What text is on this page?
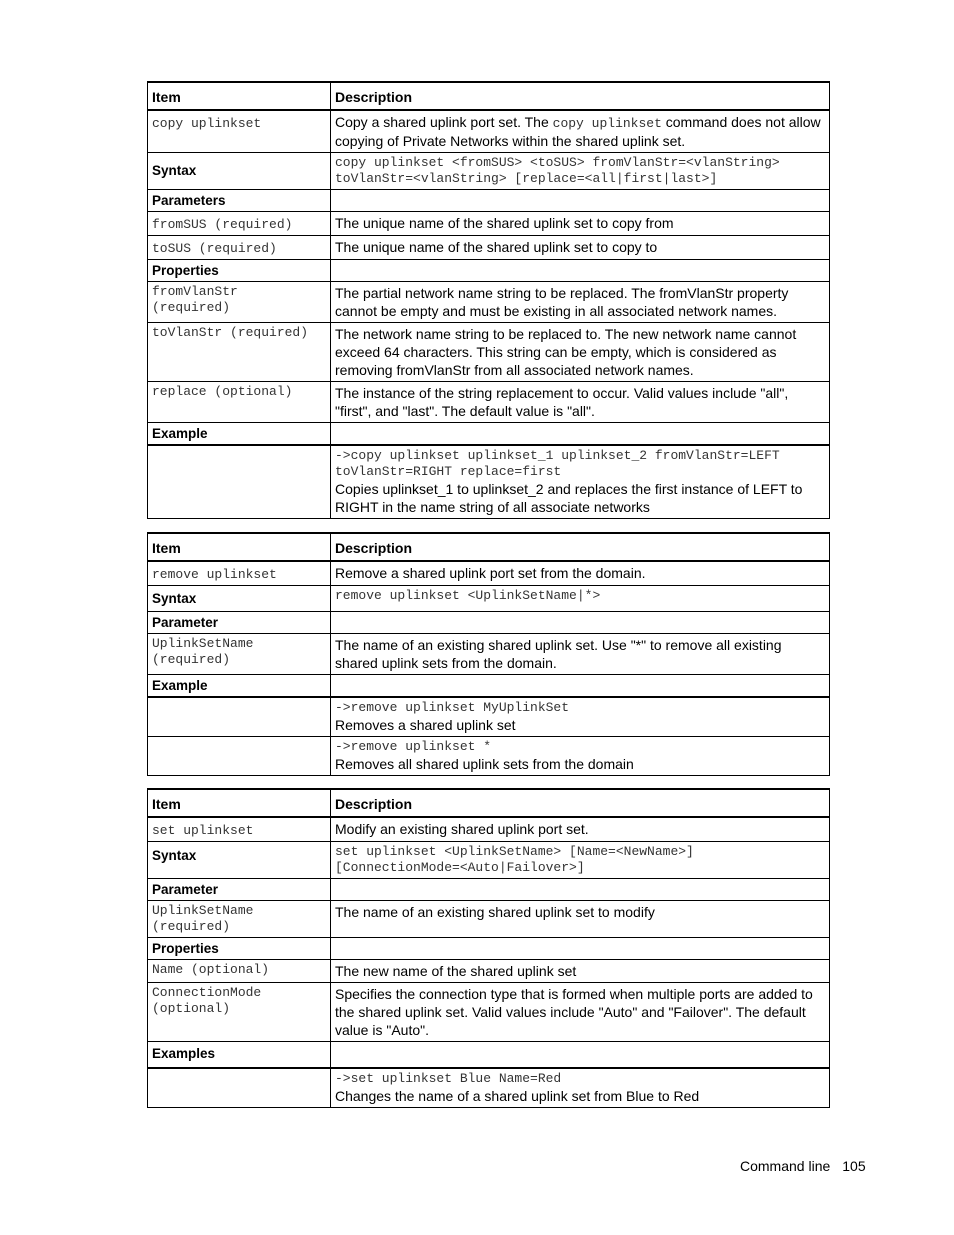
Item	Description
copy uplinkset	Copy a shared uplink port set. The copy uplinkset command does not allow copying of Private Networks within the shared uplink set.
Syntax	copy uplinkset <fromSUS> <toSUS> fromVlanStr=<vlanString>
toVlanStr=<vlanString> [replace=<all|first|last>]

Parameters	
fromSUS (required)	The unique name of the shared uplink set to copy from
toSUS (required)	The unique name of the shared uplink set to copy to
Properties	

fromVlanStr
(required)	The partial network name string to be replaced. The fromVlanStr property cannot be empty and must be existing in all associated network names.

toVlanStr (required)	The network name string to be replaced to. The new network name cannot exceed 64 characters. This string can be empty, which is considered as removing fromVlanStr from all associated network names.

replace (optional)	The instance of the string replacement to occur. Valid values include "all", "first", and "last". The default value is "all".
Example	

	->copy uplinkset uplinkset_1 uplinkset_2 fromVlanStr=LEFT
toVlanStr=RIGHT replace=first
Copies uplinkset_1 to uplinkset_2 and replaces the first instance of LEFT to RIGHT in the name string of all associate networks
Item	Description
remove uplinkset	Remove a shared uplink port set from the domain.
Syntax	remove uplinkset <UplinkSetName|*>

Parameter	

UplinkSetName
(required)	The name of an existing shared uplink set. Use "*" to remove all existing shared uplink sets from the domain.
Example	

	->remove uplinkset MyUplinkSet
Removes a shared uplink set

	->remove uplinkset *
Removes all shared uplink sets from the domain
Item	Description
set uplinkset	Modify an existing shared uplink port set.
Syntax	set uplinkset <UplinkSetName> [Name=<NewName>]
[ConnectionMode=<Auto|Failover>]

Parameter	

UplinkSetName
(required)	The name of an existing shared uplink set to modify
Properties	

Name (optional)	The new name of the shared uplink set

ConnectionMode
(optional)	Specifies the connection type that is formed when multiple ports are added to the shared uplink set. Valid values include "Auto" and "Failover". The default value is "Auto".
Examples	

	->set uplinkset Blue Name=Red
Changes the name of a shared uplink set from Blue to Red
Command line 105
